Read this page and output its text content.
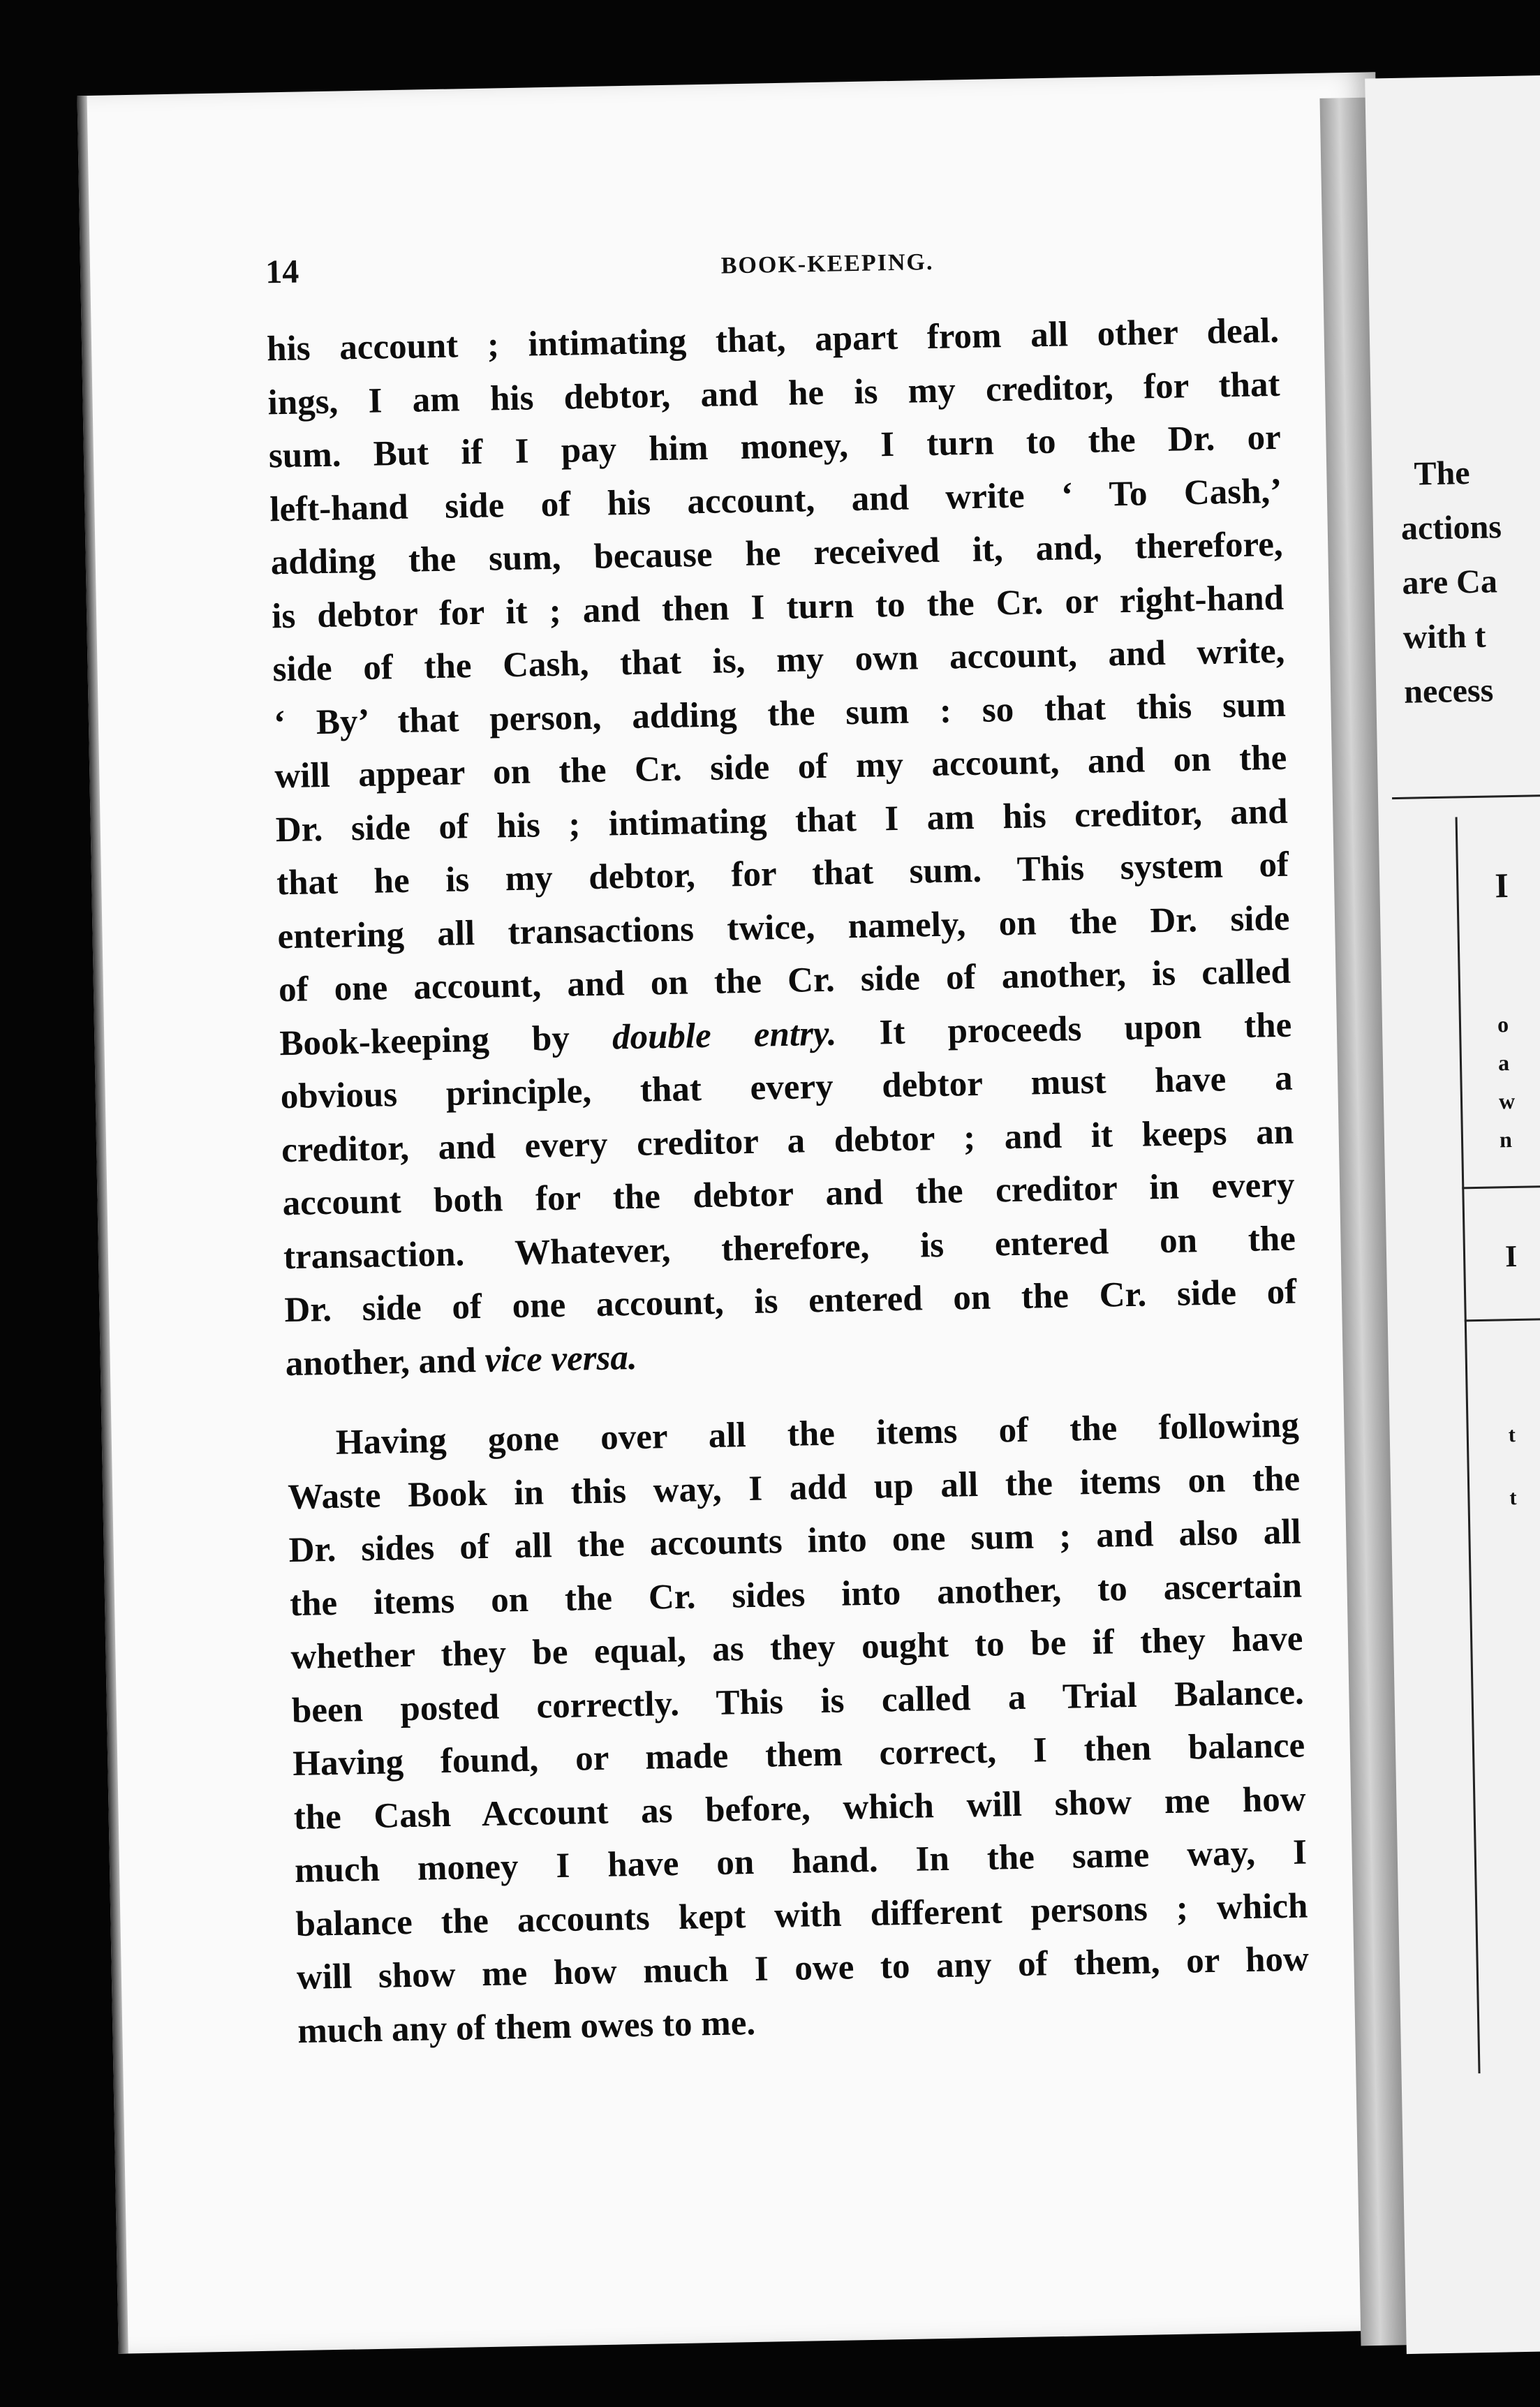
14	BOOK-KEEPING.

his account ; intimating that, apart from all other deal.

ings, I am his debtor, and he is my creditor, for that

sum. But if I pay him money, I turn to the Dr. or

left-hand side of his account, and write ‘ To Cash,’

adding the sum, because he received it, and, therefore,

is debtor for it ; and then I turn to the Cr. or right-hand

side of the Cash, that is, my own account, and write,

‘ By’ that person, adding the sum : so that this sum

will appear on the Cr. side of my account, and on the

Dr. side of his ; intimating that I am his creditor, and

that he is my debtor, for that sum. This system of

entering all transactions twice, namely, on the Dr. side

of one account, and on the Cr. side of another, is called

Book-keeping by double entry. It proceeds upon the

obvious principle, that every debtor must have a

creditor, and every creditor a debtor ; and it keeps an

account both for the debtor and the creditor in every

transaction. Whatever, therefore, is entered on the

Dr. side of one account, is entered on the Cr. side of

another, and vice versa.

Having gone over all the items of the following

Waste Book in this way, I add up all the items on the

Dr. sides of all the accounts into one sum ; and also all

the items on the Cr. sides into another, to ascertain

whether they be equal, as they ought to be if they have

been posted correctly. This is called a Trial Balance.

Having found, or made them correct, I then balance

the Cash Account as before, which will show me how

much money I have on hand. In the same way, I

balance the accounts kept with different persons ; which

will show me how much I owe to any of them, or how

much any of them owes to me.

The
actions
are Ca
with t
necess
I
o
a
w
n
I
t
t
